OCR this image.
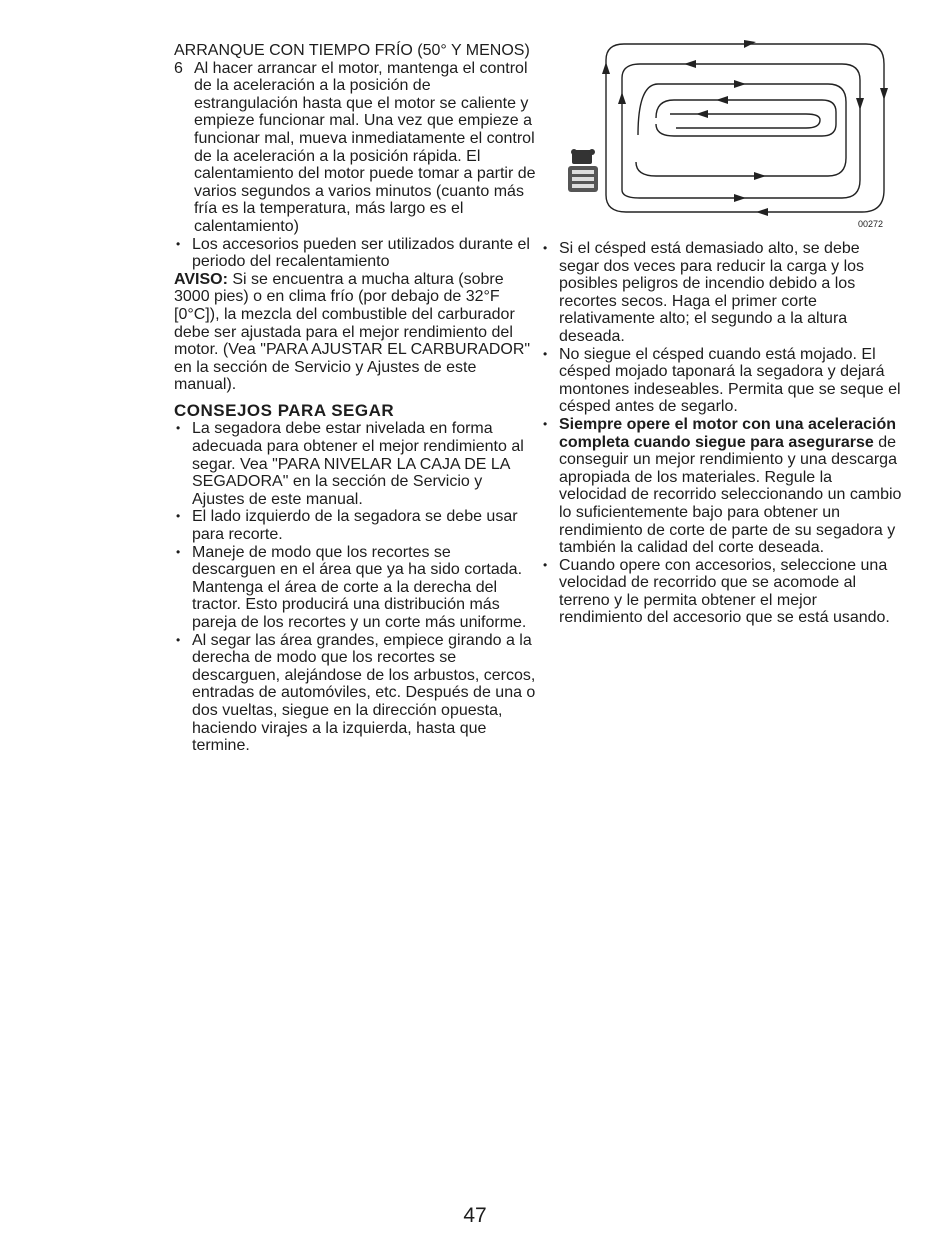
ARRANQUE CON TIEMPO FRÍO (50° Y MENOS)
6 Al hacer arrancar el motor, mantenga el control de la aceleración a la posición de estrangulación hasta que el motor se caliente y empieze funcionar mal. Una vez que empieze a funcionar mal, mueva inmediatamente el control de la aceleración a la posición rápida. El calentamiento del motor puede tomar a partir de varios segundos a varios minutos (cuanto más fría es la temperatura, más largo es el calentamiento)
• Los accesorios pueden ser utilizados durante el periodo del recalentamiento
AVISO: Si se encuentra a mucha altura (sobre 3000 pies) o en clima frío (por debajo de 32°F [0°C]), la mezcla del combustible del carburador debe ser ajustada para el mejor rendimiento del motor. (Vea "PARA AJUSTAR EL CARBURADOR" en la sección de Servicio y Ajustes de este manual).
CONSEJOS PARA SEGAR
• La segadora debe estar nivelada en forma adecuada para obtener el mejor rendimiento al segar. Vea "PARA NIVELAR LA CAJA DE LA SEGADORA" en la sección de Servicio y Ajustes de este manual.
• El lado izquierdo de la segadora se debe usar para recorte.
• Maneje de modo que los recortes se descarguen en el área que ya ha sido cortada. Mantenga el área de corte a la derecha del tractor. Esto producirá una distribución más pareja de los recortes y un corte más uniforme.
• Al segar las área grandes, empiece girando a la derecha de modo que los recortes se descarguen, alejándose de los arbustos, cercos, entradas de automóviles, etc. Después de una o dos vueltas, siegue en la dirección opuesta, haciendo virajes a la izquierda, hasta que termine.
00272
• Si el césped está demasiado alto, se debe segar dos veces para reducir la carga y los posibles peligros de incendio debido a los recortes secos. Haga el primer corte relativamente alto; el segundo a la altura deseada.
• No siegue el césped cuando está mojado. El césped mojado taponará la segadora y dejará montones indeseables. Permita que se seque el césped antes de segarlo.
• Siempre opere el motor con una aceleración completa cuando siegue para asegurarse de conseguir un mejor rendimiento y una descarga apropiada de los materiales. Regule la velocidad de recorrido seleccionando un cambio lo suficientemente bajo para obtener un rendimiento de corte de parte de su segadora y también la calidad del corte deseada.
• Cuando opere con accesorios, seleccione una velocidad de recorrido que se acomode al terreno y le permita obtener el mejor rendimiento del accesorio que se está usando.
47
